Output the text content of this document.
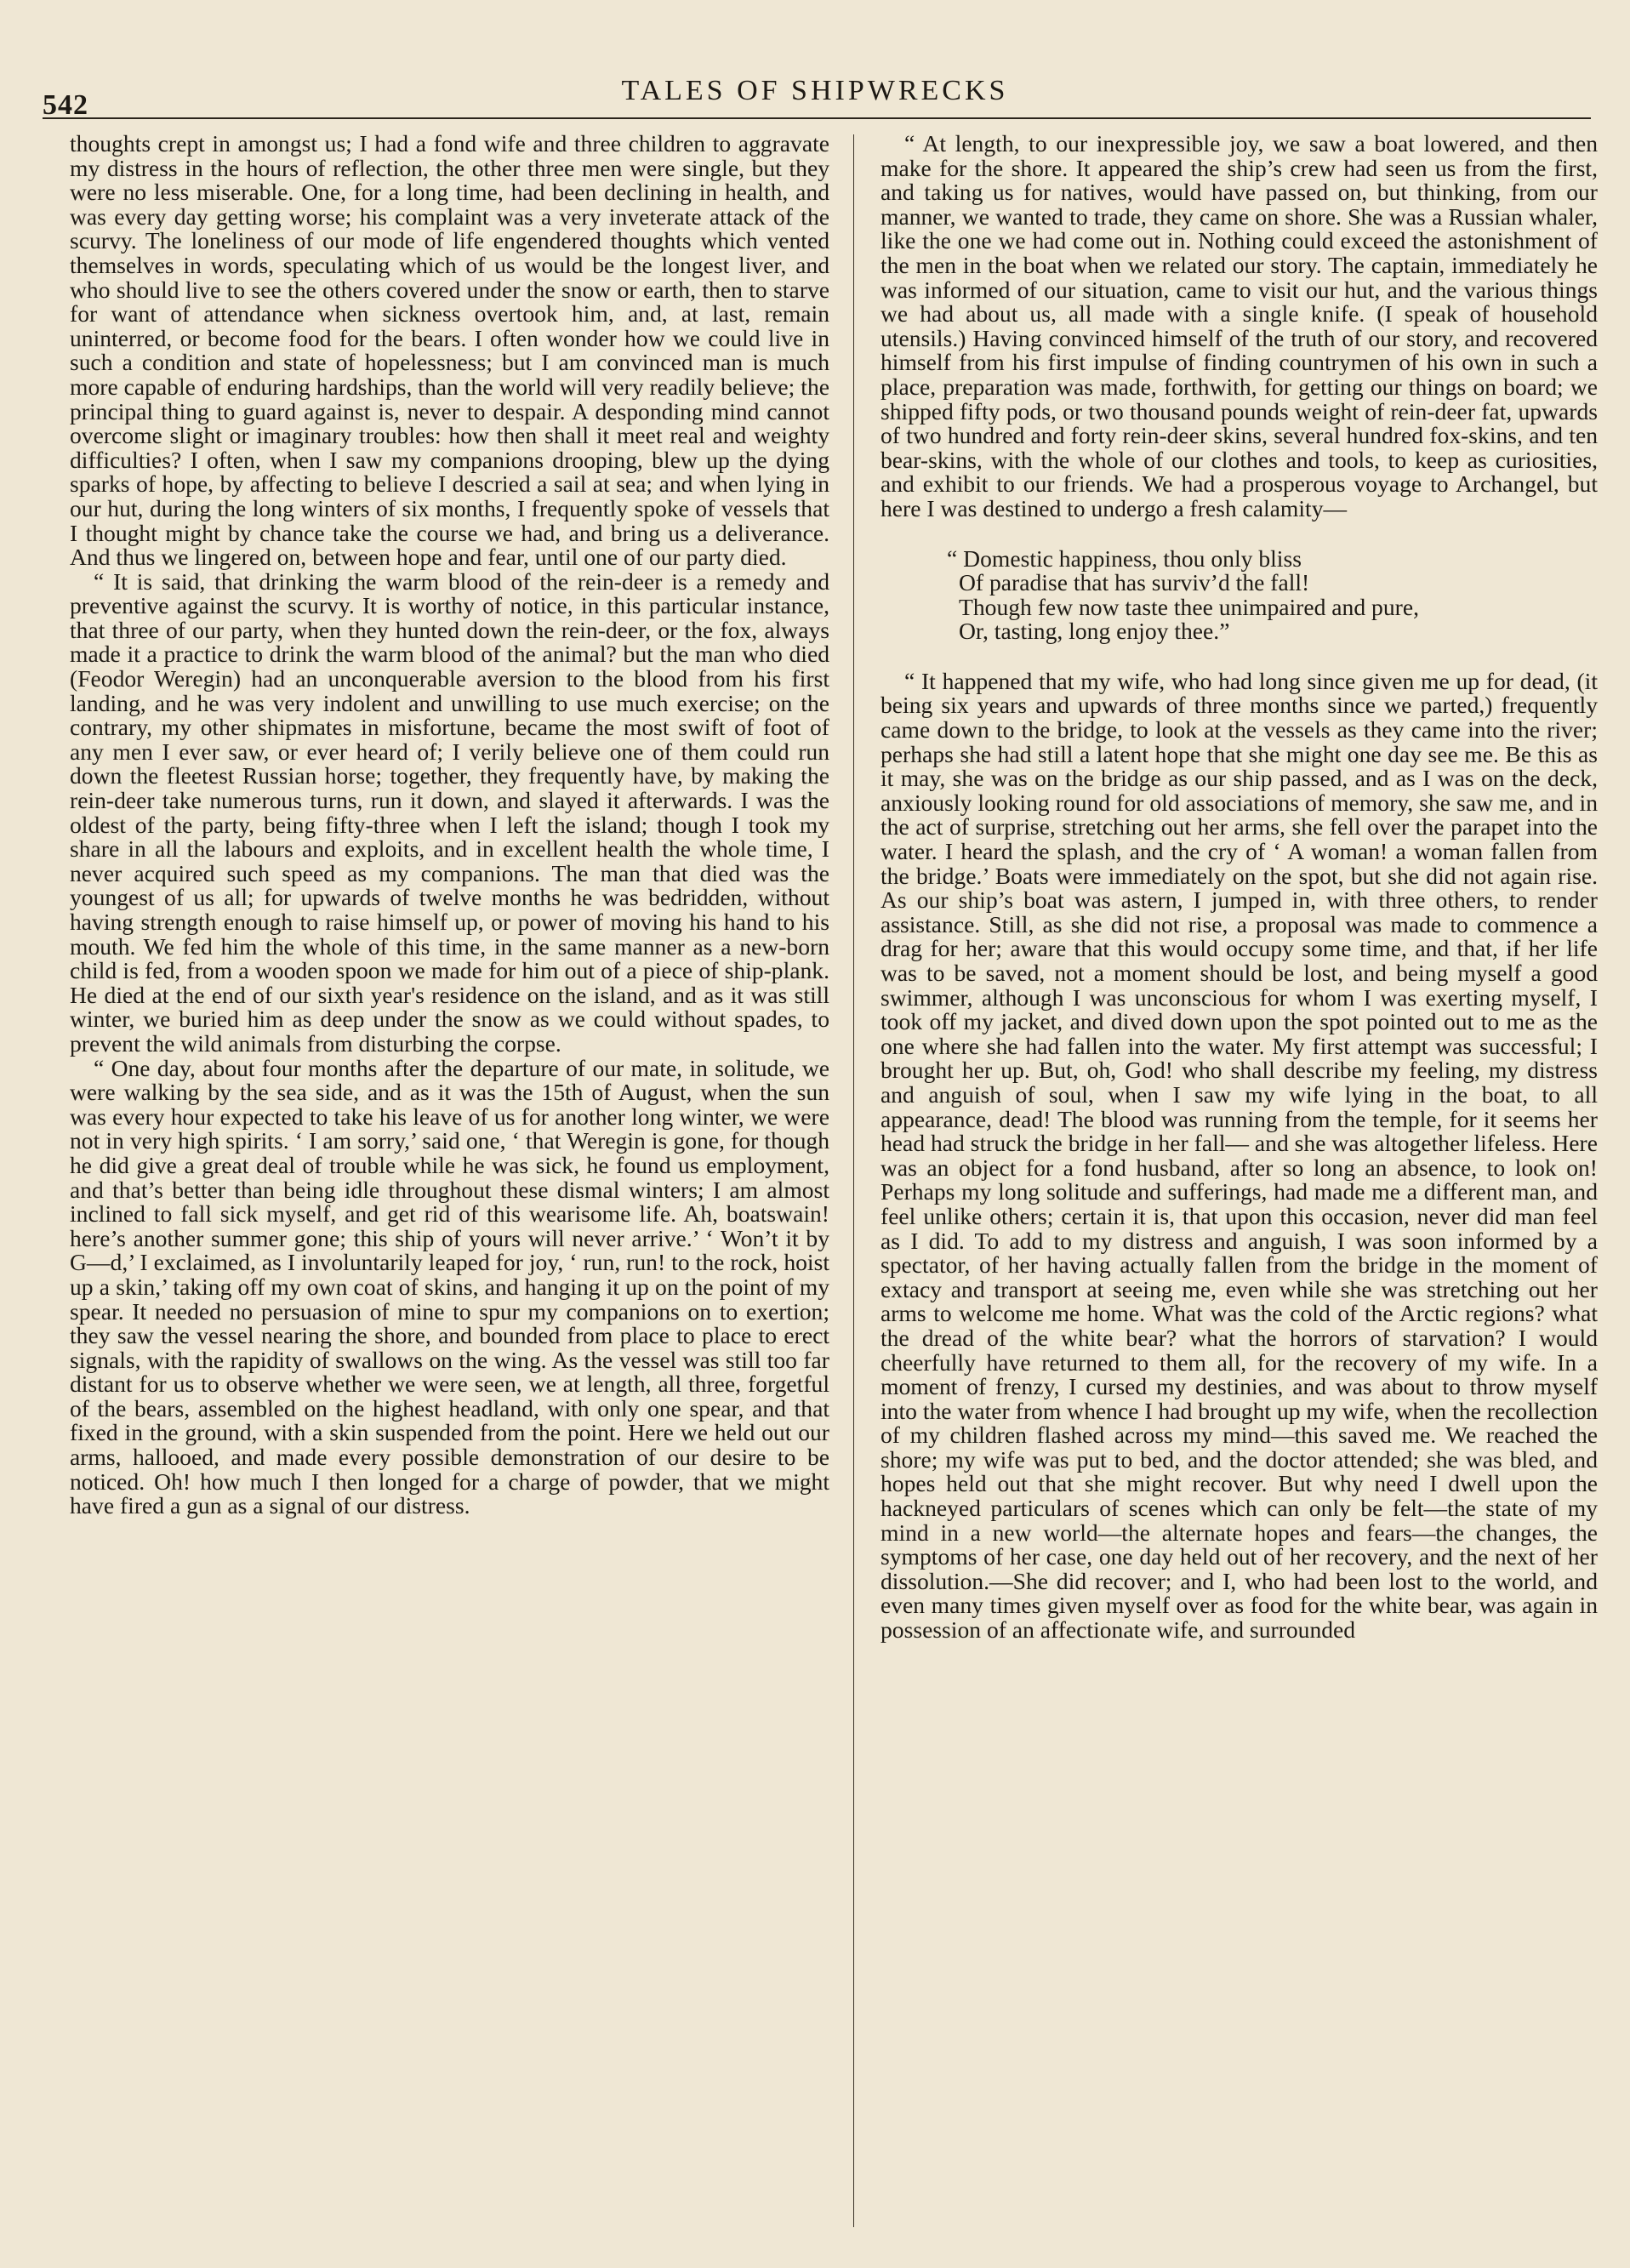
542	TALES OF SHIPWRECKS

thoughts crept in amongst us; I had a fond wife and three children to aggravate my distress in the hours of reflection, the other three men were single, but they were no less miserable. One, for a long time, had been declining in health, and was every day getting worse; his complaint was a very inveterate attack of the scurvy. The loneliness of our mode of life engendered thoughts which vented themselves in words, speculating which of us would be the longest liver, and who should live to see the others covered under the snow or earth, then to starve for want of attendance when sickness overtook him, and, at last, remain uninterred, or become food for the bears. I often wonder how we could live in such a condition and state of hopelessness; but I am convinced man is much more capable of enduring hardships, than the world will very readily believe; the principal thing to guard against is, never to despair. A desponding mind cannot overcome slight or imaginary troubles: how then shall it meet real and weighty difficulties? I often, when I saw my companions drooping, blew up the dying sparks of hope, by affecting to believe I descried a sail at sea; and when lying in our hut, during the long winters of six months, I frequently spoke of vessels that I thought might by chance take the course we had, and bring us a deliverance. And thus we lingered on, between hope and fear, until one of our party died.

“ It is said, that drinking the warm blood of the rein-deer is a remedy and preventive against the scurvy. It is worthy of notice, in this particular instance, that three of our party, when they hunted down the rein-deer, or the fox, always made it a practice to drink the warm blood of the animal? but the man who died (Feodor Weregin) had an unconquerable aversion to the blood from his first landing, and he was very indolent and unwilling to use much exercise; on the contrary, my other shipmates in misfortune, became the most swift of foot of any men I ever saw, or ever heard of; I verily believe one of them could run down the fleetest Russian horse; together, they frequently have, by making the rein-deer take numerous turns, run it down, and slayed it afterwards. I was the oldest of the party, being fifty-three when I left the island; though I took my share in all the labours and exploits, and in excellent health the whole time, I never acquired such speed as my companions. The man that died was the youngest of us all; for upwards of twelve months he was bedridden, without having strength enough to raise himself up, or power of moving his hand to his mouth. We fed him the whole of this time, in the same manner as a new-born child is fed, from a wooden spoon we made for him out of a piece of ship-plank. He died at the end of our sixth year's residence on the island, and as it was still winter, we buried him as deep under the snow as we could without spades, to prevent the wild animals from disturbing the corpse.

“ One day, about four months after the departure of our mate, in solitude, we were walking by the sea side, and as it was the 15th of August, when the sun was every hour expected to take his leave of us for another long winter, we were not in very high spirits. ‘ I am sorry,’ said one, ‘ that Weregin is gone, for though he did give a great deal of trouble while he was sick, he found us employment, and that’s better than being idle throughout these dismal winters; I am almost inclined to fall sick myself, and get rid of this wearisome life. Ah, boatswain! here’s another summer gone; this ship of yours will never arrive.’ ‘ Won’t it by G—d,’ I exclaimed, as I involuntarily leaped for joy, ‘ run, run! to the rock, hoist up a skin,’ taking off my own coat of skins, and hanging it up on the point of my spear. It needed no persuasion of mine to spur my companions on to exertion; they saw the vessel nearing the shore, and bounded from place to place to erect signals, with the rapidity of swallows on the wing. As the vessel was still too far distant for us to observe whether we were seen, we at length, all three, forgetful of the bears, assembled on the highest headland, with only one spear, and that fixed in the ground, with a skin suspended from the point. Here we held out our arms, hallooed, and made every possible demonstration of our desire to be noticed. Oh! how much I then longed for a charge of powder, that we might have fired a gun as a signal of our distress.

“ At length, to our inexpressible joy, we saw a boat lowered, and then make for the shore. It appeared the ship’s crew had seen us from the first, and taking us for natives, would have passed on, but thinking, from our manner, we wanted to trade, they came on shore. She was a Russian whaler, like the one we had come out in. Nothing could exceed the astonishment of the men in the boat when we related our story. The captain, immediately he was informed of our situation, came to visit our hut, and the various things we had about us, all made with a single knife. (I speak of household utensils.) Having convinced himself of the truth of our story, and recovered himself from his first impulse of finding countrymen of his own in such a place, preparation was made, forthwith, for getting our things on board; we shipped fifty pods, or two thousand pounds weight of rein-deer fat, upwards of two hundred and forty rein-deer skins, several hundred fox-skins, and ten bear-skins, with the whole of our clothes and tools, to keep as curiosities, and exhibit to our friends. We had a prosperous voyage to Archangel, but here I was destined to undergo a fresh calamity—

“ Domestic happiness, thou only bliss
Of paradise that has surviv’d the fall!
Though few now taste thee unimpaired and pure,
Or, tasting, long enjoy thee.”

“ It happened that my wife, who had long since given me up for dead, (it being six years and upwards of three months since we parted,) frequently came down to the bridge, to look at the vessels as they came into the river; perhaps she had still a latent hope that she might one day see me. Be this as it may, she was on the bridge as our ship passed, and as I was on the deck, anxiously looking round for old associations of memory, she saw me, and in the act of surprise, stretching out her arms, she fell over the parapet into the water. I heard the splash, and the cry of ‘ A woman! a woman fallen from the bridge.’ Boats were immediately on the spot, but she did not again rise. As our ship’s boat was astern, I jumped in, with three others, to render assistance. Still, as she did not rise, a proposal was made to commence a drag for her; aware that this would occupy some time, and that, if her life was to be saved, not a moment should be lost, and being myself a good swimmer, although I was unconscious for whom I was exerting myself, I took off my jacket, and dived down upon the spot pointed out to me as the one where she had fallen into the water. My first attempt was successful; I brought her up. But, oh, God! who shall describe my feeling, my distress and anguish of soul, when I saw my wife lying in the boat, to all appearance, dead! The blood was running from the temple, for it seems her head had struck the bridge in her fall— and she was altogether lifeless. Here was an object for a fond husband, after so long an absence, to look on! Perhaps my long solitude and sufferings, had made me a different man, and feel unlike others; certain it is, that upon this occasion, never did man feel as I did. To add to my distress and anguish, I was soon informed by a spectator, of her having actually fallen from the bridge in the moment of extacy and transport at seeing me, even while she was stretching out her arms to welcome me home. What was the cold of the Arctic regions? what the dread of the white bear? what the horrors of starvation? I would cheerfully have returned to them all, for the recovery of my wife. In a moment of frenzy, I cursed my destinies, and was about to throw myself into the water from whence I had brought up my wife, when the recollection of my children flashed across my mind—this saved me. We reached the shore; my wife was put to bed, and the doctor attended; she was bled, and hopes held out that she might recover. But why need I dwell upon the hackneyed particulars of scenes which can only be felt—the state of my mind in a new world—the alternate hopes and fears—the changes, the symptoms of her case, one day held out of her recovery, and the next of her dissolution.—She did recover; and I, who had been lost to the world, and even many times given myself over as food for the white bear, was again in possession of an affectionate wife, and surrounded
